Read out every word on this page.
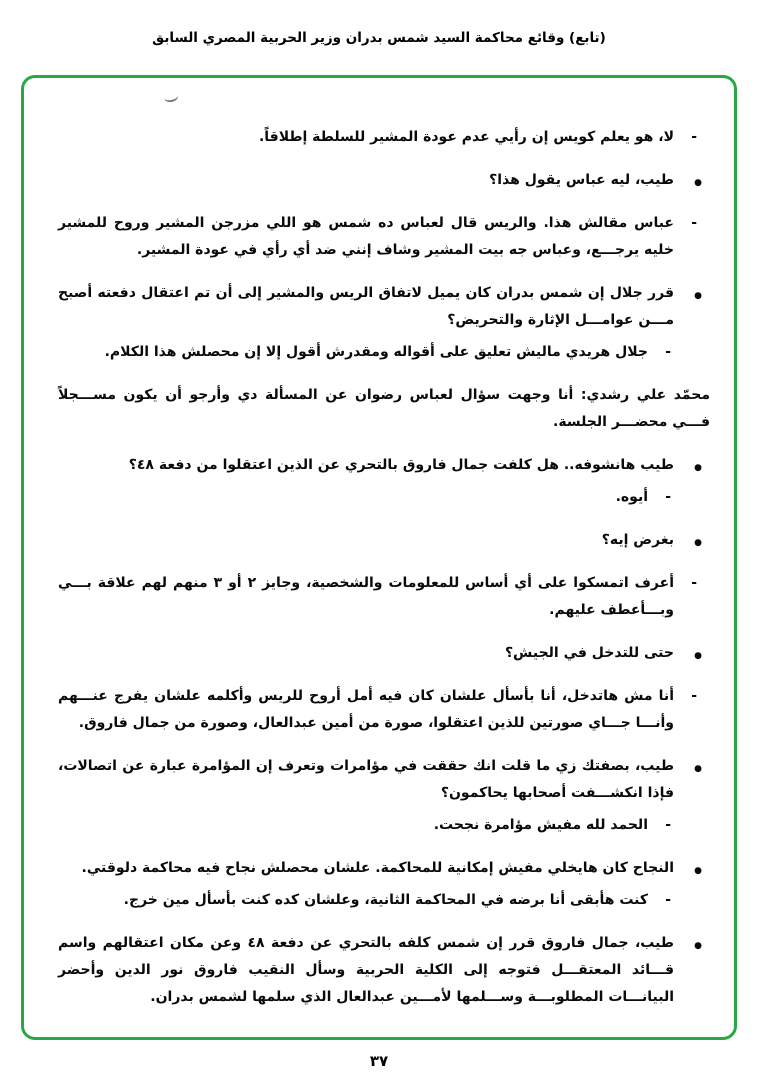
(تابع) وقائع محاكمة السيد شمس بدران وزير الحربية المصري السابق
-
لا، هو يعلم كويس إن رأيي عدم عودة المشير للسلطة إطلاقاً.
●
طيب، ليه عباس يقول هذا؟
-
عباس مقالش هذا. والريس قال لعباس ده شمس هو اللي مزرجن المشير وروح للمشير خليه يرجـــع، وعباس جه بيت المشير وشاف إنني ضد أي رأي في عودة المشير.
●
قرر جلال إن شمس بدران كان يميل لاتفاق الريس والمشير إلى أن تم اعتقال دفعته أصبح مـــن عوامـــل الإثارة والتحريض؟
-
جلال هريدي ماليش تعليق على أقواله ومقدرش أقول إلا إن محصلش هذا الكلام.
محمّد علي رشدي: أنا وجهت سؤال لعباس رضوان عن المسألة دي وأرجو أن يكون مســـجلاً فـــي محضـــر الجلسة.
●
طيب هانشوفه.. هل كلفت جمال فاروق بالتحري عن الذين اعتقلوا من دفعة ٤٨؟
-
أيوه.
●
بغرض إيه؟
-
أعرف اتمسكوا على أي أساس للمعلومات والشخصية، وجايز ٢ أو ٣ منهم لهم علاقة بـــي وبـــأعطف عليهم.
●
حتى للتدخل في الجيش؟
-
أنا مش هاتدخل، أنا بأسأل علشان كان فيه أمل أروح للريس وأكلمه علشان يفرج عنـــهم وأنـــا جـــاي صورتين للذين اعتقلوا، صورة من أمين عبدالعال، وصورة من جمال فاروق.
●
طيب، بصفتك زي ما قلت انك حققت في مؤامرات وتعرف إن المؤامرة عبارة عن اتصالات، فإذا انكشـــفت أصحابها يحاكمون؟
-
الحمد لله مفيش مؤامرة نجحت.
●
النجاح كان هايخلي مفيش إمكانية للمحاكمة. علشان محصلش نجاح فيه محاكمة دلوقتي.
-
كنت هأبقى أنا برضه في المحاكمة الثانية، وعلشان كده كنت بأسأل مين خرج.
●
طيب، جمال فاروق قرر إن شمس كلفه بالتحري عن دفعة ٤٨ وعن مكان اعتقالهم واسم قـــائد المعتقـــل فتوجه إلى الكلية الحربية وسأل النقيب فاروق نور الدين وأحضر البيانـــات المطلوبـــة وســـلمها لأمـــين عبدالعال الذي سلمها لشمس بدران.
٣٧
